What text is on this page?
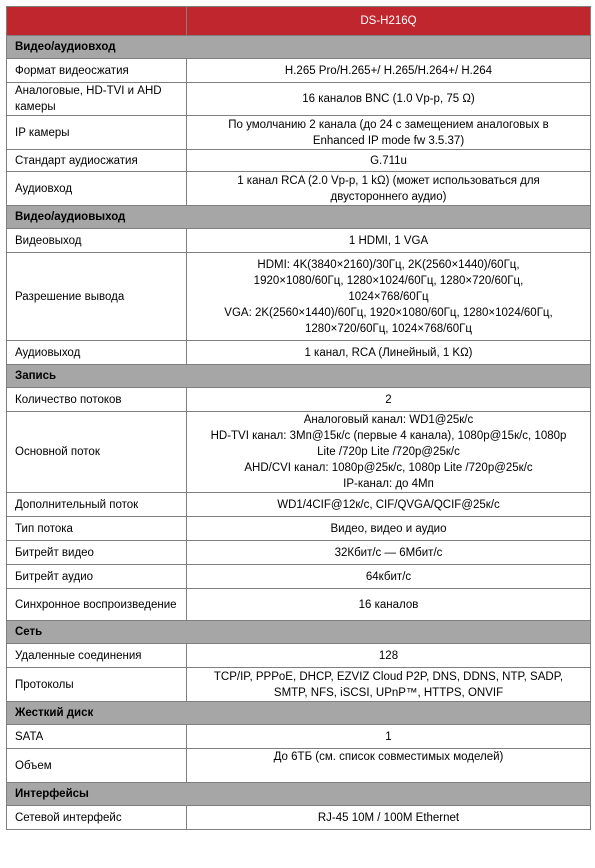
	DS-H216Q
Видео/аудиовход	
Формат видеосжатия	H.265 Pro/H.265+/ H.265/H.264+/ H.264

Аналоговые, HD-TVI и AHD камеры	16 каналов BNC (1.0 Vp-p, 75 Ω)

IP камеры	По умолчанию 2 канала (до 24 с замещением аналоговых в
Enhanced IP mode fw 3.5.37)

Стандарт аудиосжатия	G.711u

Аудиовход	1 канал RCA (2.0 Vp-p, 1 kΩ) (может использоваться для
двустороннего аудио)

Видео/аудиовыход	
Видеовыход	1 HDMI, 1 VGA

Разрешение вывода	HDMI: 4K(3840×2160)/30Гц, 2K(2560×1440)/60Гц,
1920×1080/60Гц, 1280×1024/60Гц, 1280×720/60Гц,
1024×768/60Гц
VGA: 2K(2560×1440)/60Гц, 1920×1080/60Гц, 1280×1024/60Гц,
1280×720/60Гц, 1024×768/60Гц

Аудиовыход	1 канал, RCA (Линейный, 1 KΩ)

Запись	
Количество потоков	2

Основной поток	Аналоговый канал: WD1@25к/с
HD-TVI канал: 3Мп@15к/с (первые 4 канала), 1080p@15к/с, 1080p
Lite /720p Lite /720p@25к/с
AHD/CVI канал: 1080p@25к/с, 1080p Lite /720p@25к/с
IP-канал: до 4Мп

Дополнительный поток	WD1/4CIF@12к/с, CIF/QVGA/QCIF@25к/с

Тип потока	Видео, видео и аудио

Битрейт видео	32Кбит/с — 6Мбит/с

Битрейт аудио	64кбит/с

Синхронное воспроизведение	16 каналов

Сеть	
Удаленные соединения	128

Протоколы	TCP/IP, PPPoE, DHCP, EZVIZ Cloud P2P, DNS, DDNS, NTP, SADP,
SMTP, NFS, iSCSI, UPnP™, HTTPS, ONVIF

Жесткий диск	
SATA	1

Объем	До 6ТБ (см. список совместимых моделей)

Интерфейсы	
Сетевой интерфейс	RJ-45 10M / 100M Ethernet
